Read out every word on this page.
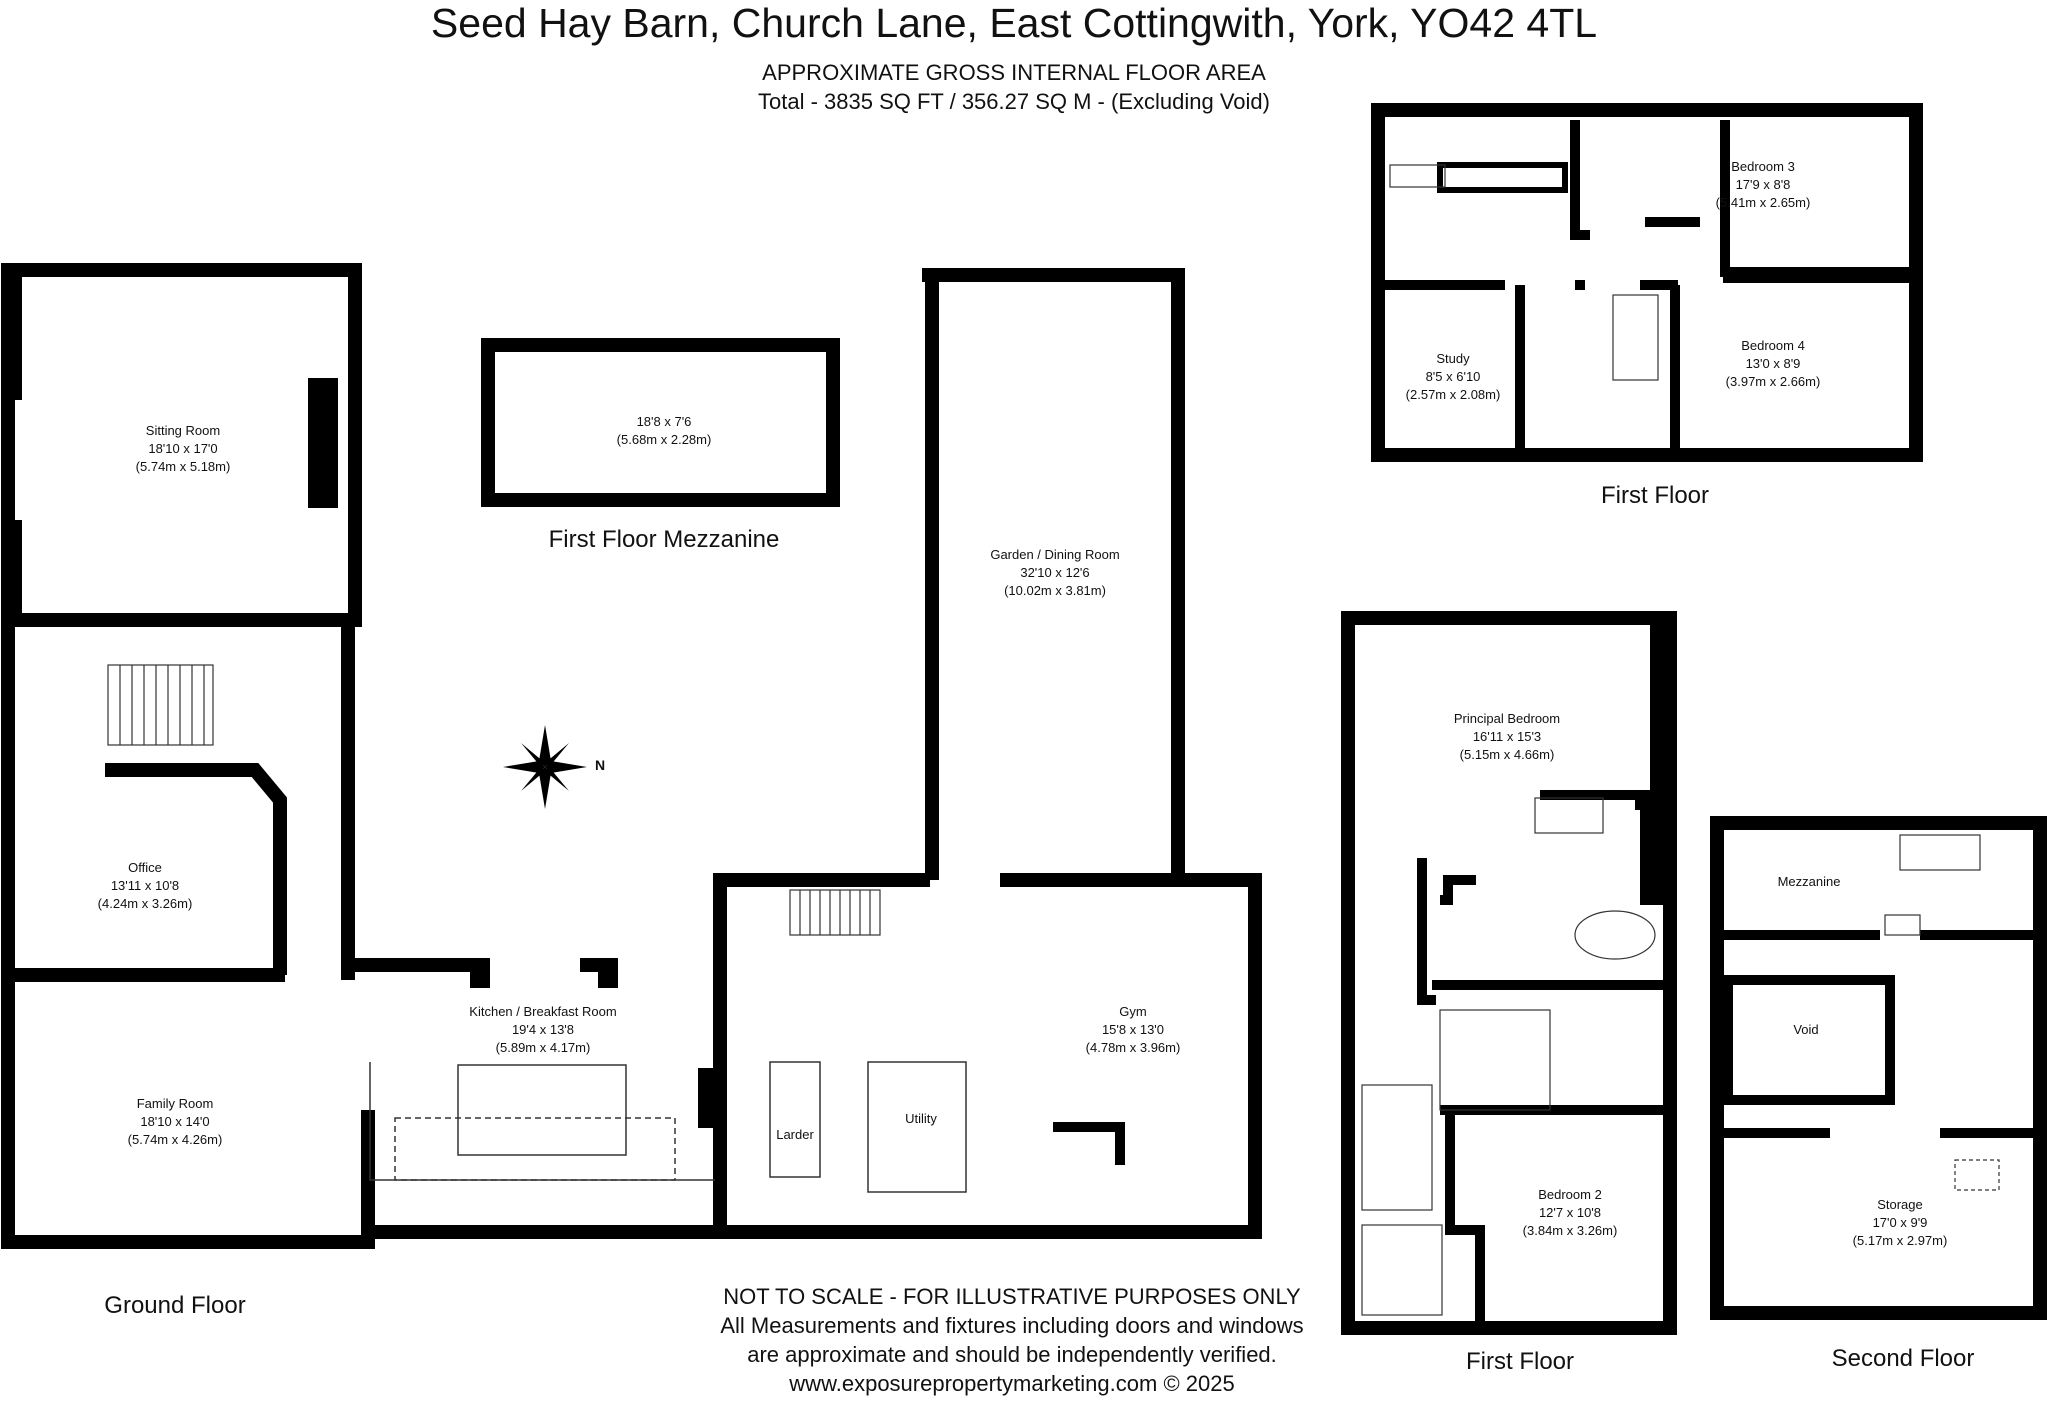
Seed Hay Barn, Church Lane, East Cottingwith, York, YO42 4TL
APPROXIMATE GROSS INTERNAL FLOOR AREA
Total - 3835 SQ FT / 356.27 SQ M - (Excluding Void)
Ground Floor
First Floor Mezzanine
First Floor
First Floor	Second Floor
N
Sitting Room
18'10 x 17'0
(5.74m x 5.18m)
Office
13'11 x 10'8
(4.24m x 3.26m)
Family Room
18'10 x 14'0
(5.74m x 4.26m)
Kitchen / Breakfast Room
19'4 x 13'8
(5.89m x 4.17m)
18'8 x 7'6
(5.68m x 2.28m)
Garden / Dining Room
32'10 x 12'6
(10.02m x 3.81m)
Gym
15'8 x 13'0
(4.78m x 3.96m)
Larder
Utility
Bedroom 3
17'9 x 8'8
(5.41m x 2.65m)
Study
8'5 x 6'10
(2.57m x 2.08m)
Bedroom 4
13'0 x 8'9
(3.97m x 2.66m)
Principal Bedroom
16'11 x 15'3
(5.15m x 4.66m)
Bedroom 2
12'7 x 10'8
(3.84m x 3.26m)
Mezzanine
Void
Storage
17'0 x 9'9
(5.17m x 2.97m)
NOT TO SCALE - FOR ILLUSTRATIVE PURPOSES ONLY
All Measurements and fixtures including doors and windows
are approximate and should be independently verified.
www.exposurepropertymarketing.com © 2025
